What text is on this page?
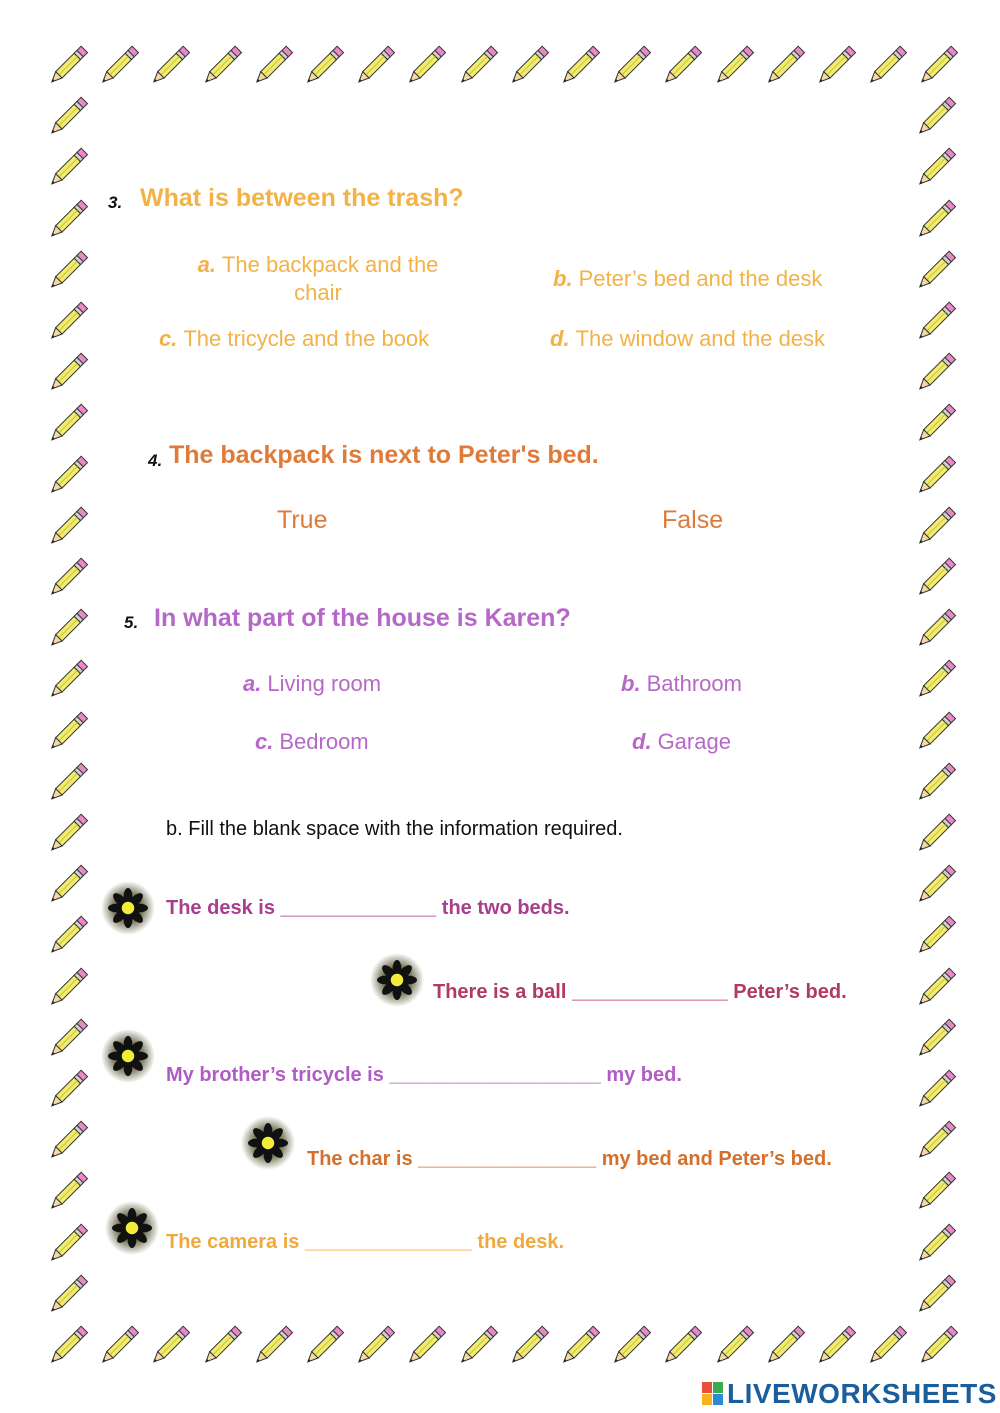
3. What is between the trash?
a. The backpack and the
chair
b. Peter’s bed and the desk
c. The tricycle and the book	d. The window and the desk
4. The backpack is next to Peter's bed.
True	False
5. In what part of the house is Karen?
a. Living room	b. Bathroom
c. Bedroom	d. Garage
b. Fill the blank space with the information required.
The desk is ______________ the two beds.
There is a ball ______________ Peter’s bed.
My brother’s tricycle is ___________________ my bed.
The char is ________________ my bed and Peter’s bed.
The camera is _______________ the desk.
LIVEWORKSHEETS
